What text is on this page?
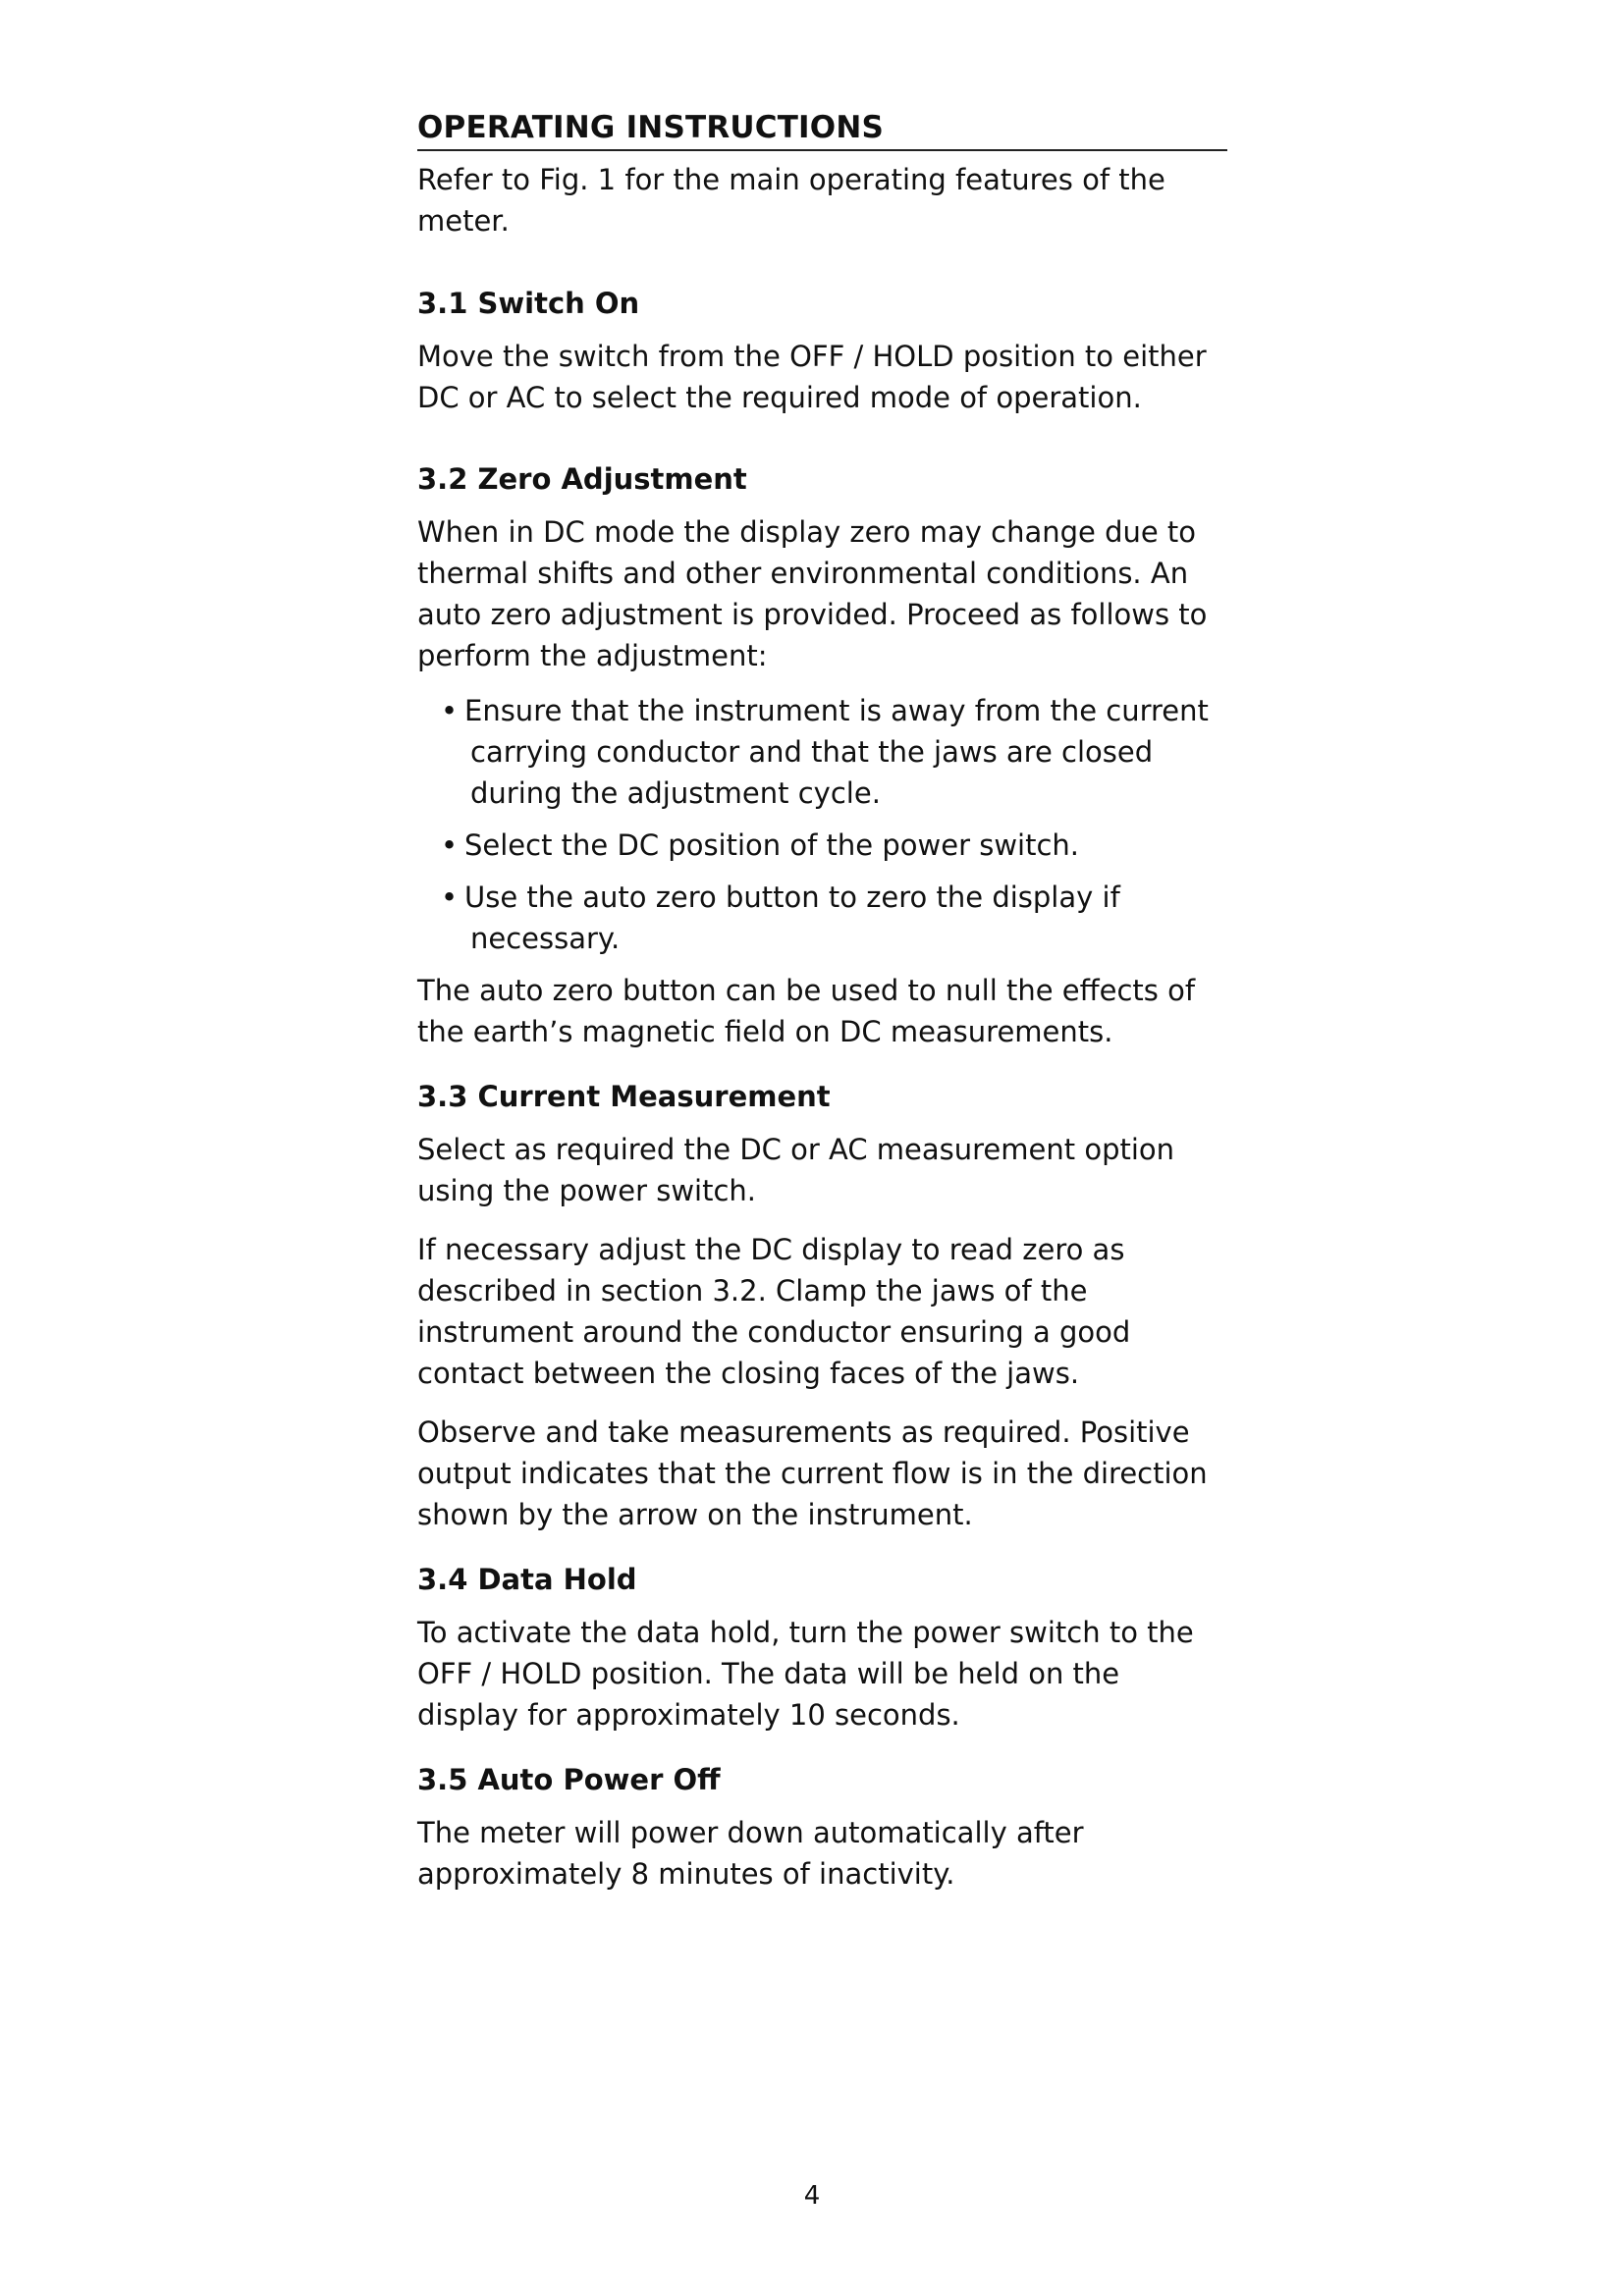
OPERATING INSTRUCTIONS

Refer to Fig. 1 for the main operating features of the meter.

3.1 Switch On

Move the switch from the OFF / HOLD position to either DC or AC to select the required mode of operation.

3.2 Zero Adjustment

When in DC mode the display zero may change due to thermal shifts and other environmental conditions. An auto zero adjustment is provided. Proceed as follows to perform the adjustment:

• Ensure that the instrument is away from the current carrying conductor and that the jaws are closed during the adjustment cycle.
• Select the DC position of the power switch.
• Use the auto zero button to zero the display if necessary.

The auto zero button can be used to null the effects of the earth’s magnetic field on DC measurements.

3.3 Current Measurement

Select as required the DC or AC measurement option using the power switch.

If necessary adjust the DC display to read zero as described in section 3.2. Clamp the jaws of the instrument around the conductor ensuring a good contact between the closing faces of the jaws.

Observe and take measurements as required. Positive output indicates that the current flow is in the direction shown by the arrow on the instrument.

3.4 Data Hold

To activate the data hold, turn the power switch to the OFF / HOLD position. The data will be held on the display for approximately 10 seconds.

3.5 Auto Power Off

The meter will power down automatically after approximately 8 minutes of inactivity.

4
